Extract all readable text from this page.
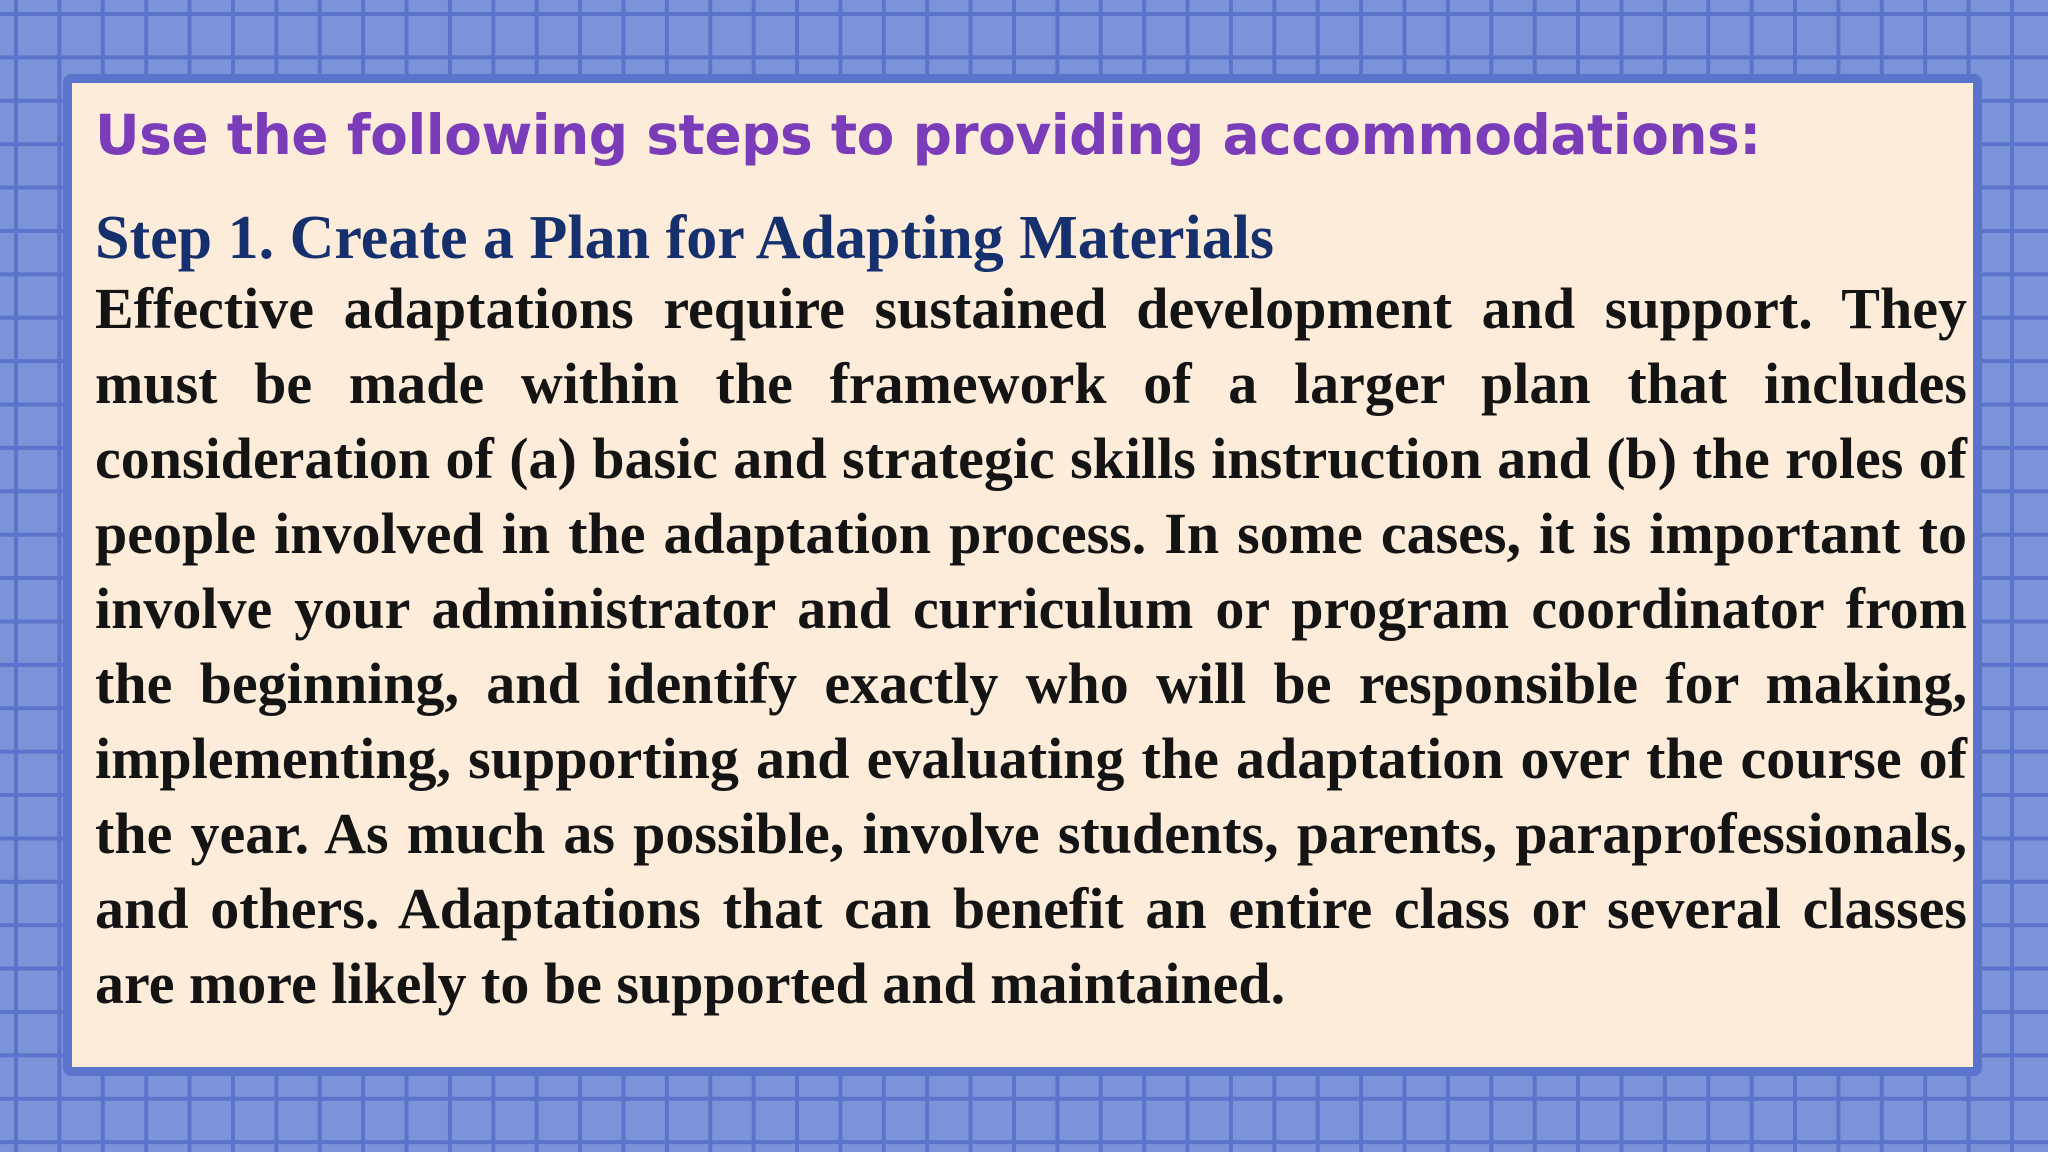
Use the following steps to providing accommodations:
Step 1. Create a Plan for Adapting Materials

Effective adaptations require sustained development and support. They must be made within the framework of a larger plan that includes consideration of (a) basic and strategic skills instruction and (b) the roles of people involved in the adaptation process. In some cases, it is important to involve your administrator and curriculum or program coordinator from the beginning, and identify exactly who will be responsible for making, implementing, supporting and evaluating the adaptation over the course of the year. As much as possible, involve students, parents, paraprofessionals, and others. Adaptations that can benefit an entire class or several classes are more likely to be supported and maintained.
